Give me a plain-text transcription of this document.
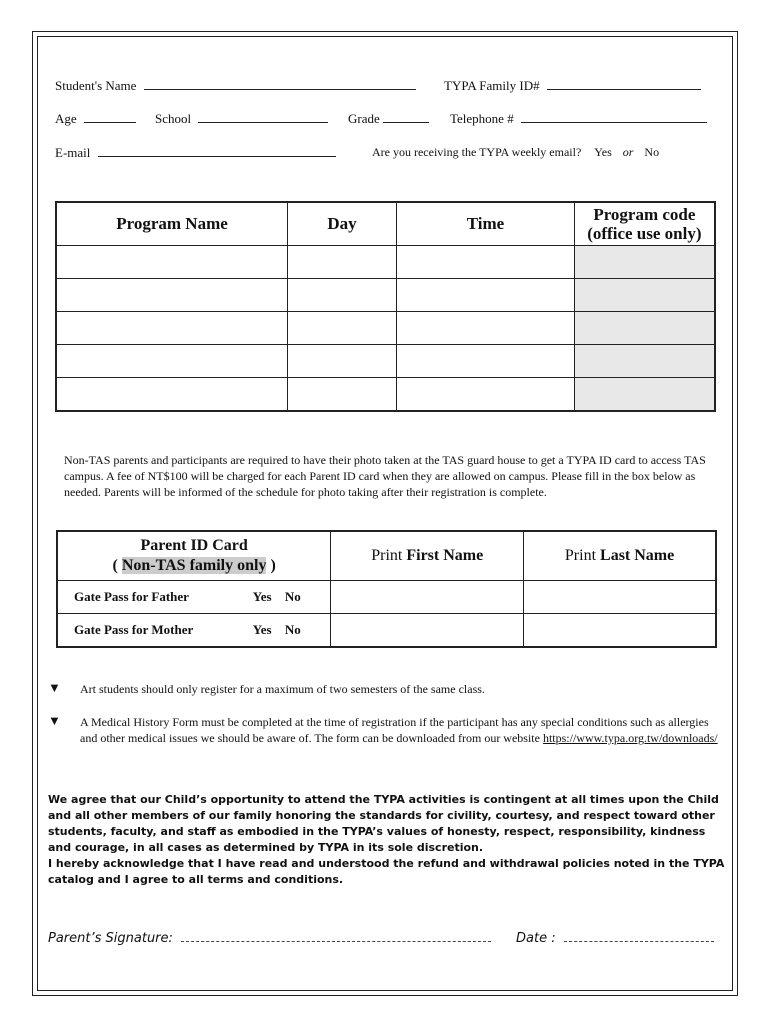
Student's Name	TYPA Family ID#
Age	School	Grade	Telephone #
E-mail	Are you receiving the TYPA weekly email? Yes or No
Program Name	Day	Time	Program code (office use only)

Non-TAS parents and participants are required to have their photo taken at the TAS guard house to get a TYPA ID card to access TAS campus. A fee of NT$100 will be charged for each Parent ID card when they are allowed on campus. Please fill in the box below as needed. Parents will be informed of the schedule for photo taking after their registration is complete.
Parent ID Card
( Non-TAS family only )	Print First Name	Print Last Name
Gate Pass for Father Yes No		
Gate Pass for Mother Yes No		
▼ Art students should only register for a maximum of two semesters of the same class.
▼ A Medical History Form must be completed at the time of registration if the participant has any special conditions such as allergies and other medical issues we should be aware of. The form can be downloaded from our website https://www.typa.org.tw/downloads/
We agree that our Child’s opportunity to attend the TYPA activities is contingent at all times upon the Child and all other members of our family honoring the standards for civility, courtesy, and respect toward other students, faculty, and staff as embodied in the TYPA’s values of honesty, respect, responsibility, kindness and courage, in all cases as determined by TYPA in its sole discretion.
I hereby acknowledge that I have read and understood the refund and withdrawal policies noted in the TYPA catalog and I agree to all terms and conditions.
Parent’s Signature:	Date :
